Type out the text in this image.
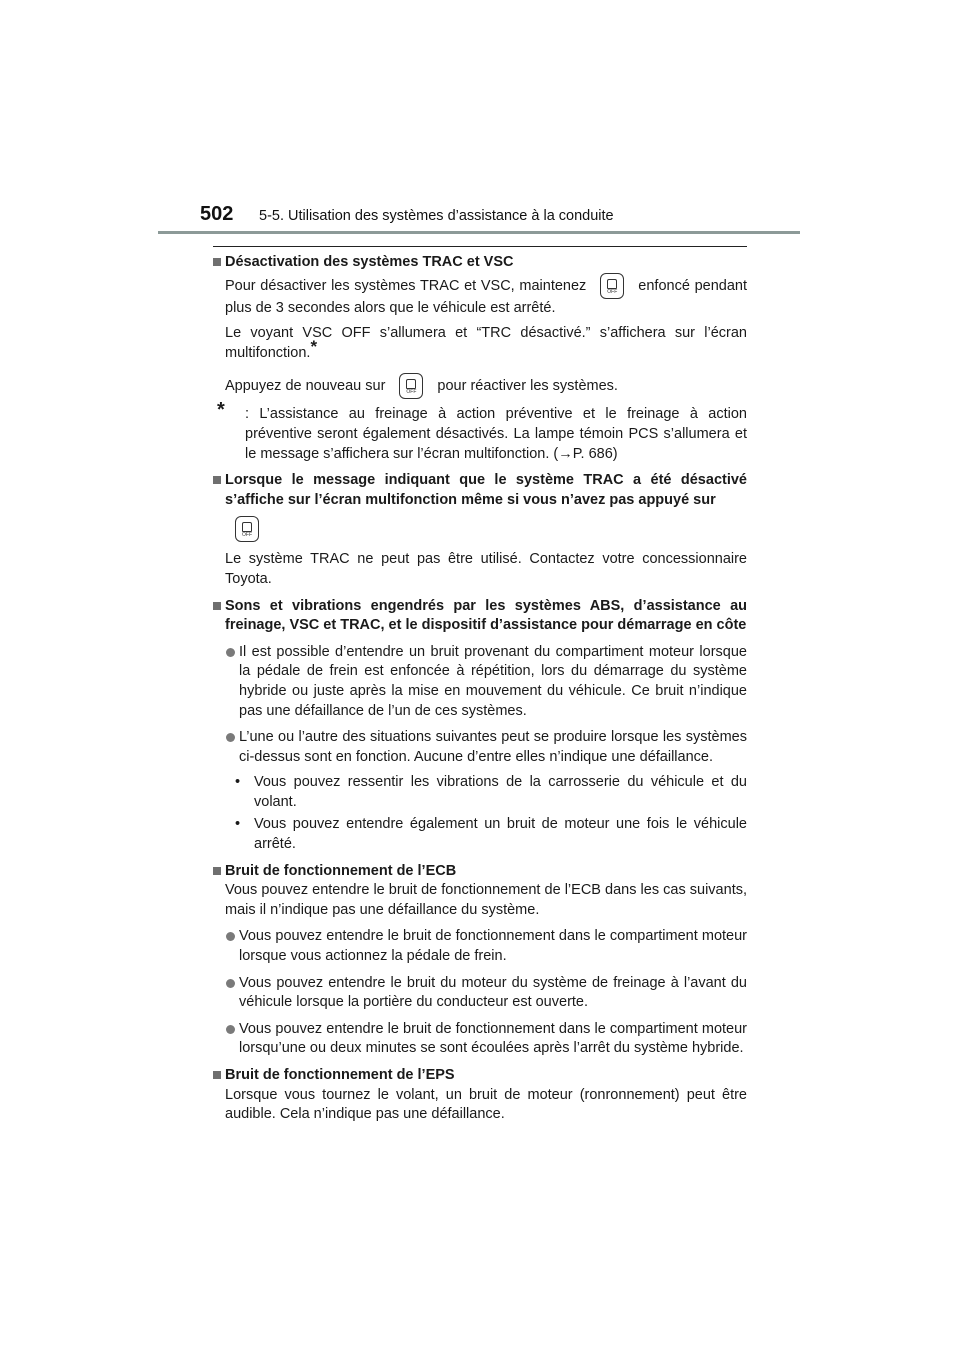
502 5-5. Utilisation des systèmes d’assistance à la conduite
Désactivation des systèmes TRAC et VSC

Pour désactiver les systèmes TRAC et VSC, maintenez	OFF	enfoncé pendant plus de 3 secondes alors que le véhicule est arrêté.

Le voyant VSC OFF s’allumera et “TRC désactivé.” s’affichera sur l’écran multifonction.*

Appuyez de nouveau sur	OFF	pour réactiver les systèmes.

* : L’assistance au freinage à action préventive et le freinage à action préventive seront également désactivés. La lampe témoin PCS s’allumera et le message s’affichera sur l’écran multifonction. (→P. 686)
Lorsque le message indiquant que le système TRAC a été désactivé s’affiche sur l’écran multifonction même si vous n’avez pas appuyé sur
OFF

Le système TRAC ne peut pas être utilisé. Contactez votre concessionnaire Toyota.

Sons et vibrations engendrés par les systèmes ABS, d’assistance au freinage, VSC et TRAC, et le dispositif d’assistance pour démarrage en côte
Il est possible d’entendre un bruit provenant du compartiment moteur lorsque la pédale de frein est enfoncée à répétition, lors du démarrage du système hybride ou juste après la mise en mouvement du véhicule. Ce bruit n’indique pas une défaillance de l’un de ces systèmes.
L’une ou l’autre des situations suivantes peut se produire lorsque les systèmes ci-dessus sont en fonction. Aucune d’entre elles n’indique une défaillance.
• Vous pouvez ressentir les vibrations de la carrosserie du véhicule et du volant.
• Vous pouvez entendre également un bruit de moteur une fois le véhicule arrêté.
Bruit de fonctionnement de l’ECB

Vous pouvez entendre le bruit de fonctionnement de l’ECB dans les cas suivants, mais il n’indique pas une défaillance du système.

Vous pouvez entendre le bruit de fonctionnement dans le compartiment moteur lorsque vous actionnez la pédale de frein.
Vous pouvez entendre le bruit du moteur du système de freinage à l’avant du véhicule lorsque la portière du conducteur est ouverte.
Vous pouvez entendre le bruit de fonctionnement dans le compartiment moteur lorsqu’une ou deux minutes se sont écoulées après l’arrêt du système hybride.
Bruit de fonctionnement de l’EPS

Lorsque vous tournez le volant, un bruit de moteur (ronronnement) peut être audible. Cela n’indique pas une défaillance.
